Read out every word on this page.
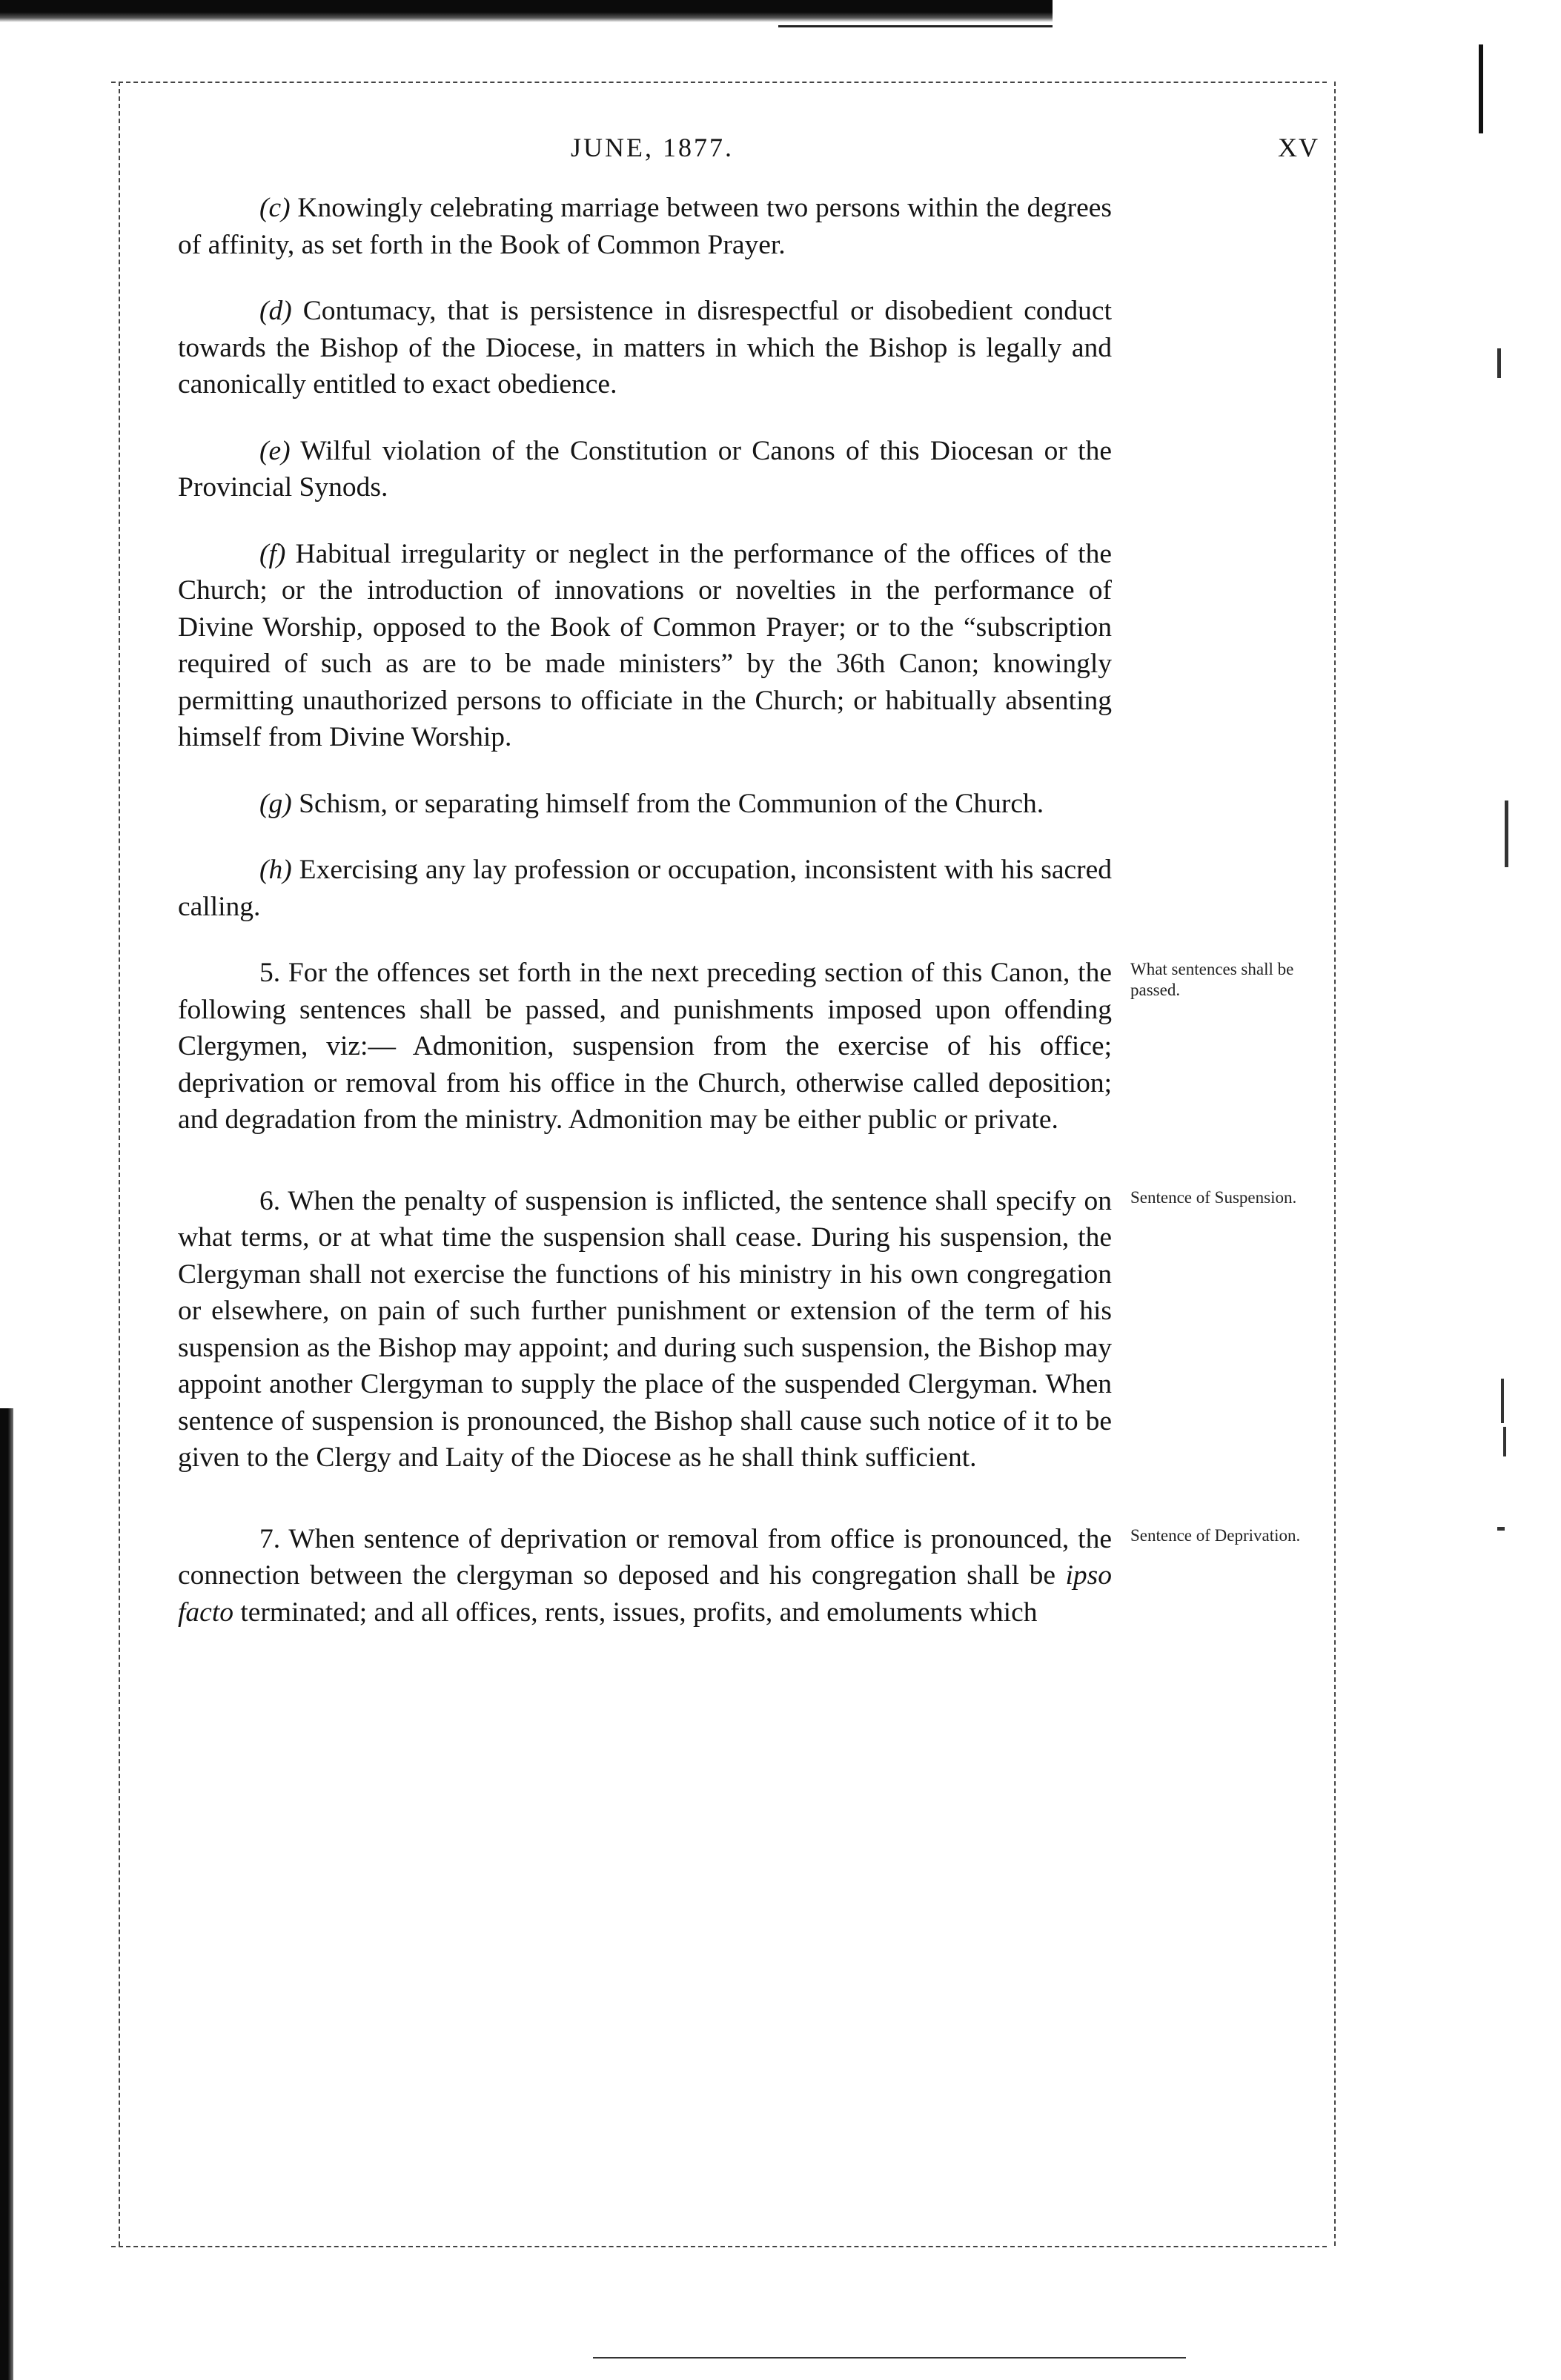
JUNE, 1877.	XV

(c) Knowingly celebrating marriage between two persons within the degrees of affinity, as set forth in the Book of Common Prayer.

(d) Contumacy, that is persistence in disrespectful or disobedient conduct towards the Bishop of the Diocese, in matters in which the Bishop is legally and canonically entitled to exact obedience.

(e) Wilful violation of the Constitution or Canons of this Diocesan or the Provincial Synods.

(f) Habitual irregularity or neglect in the performance of the offices of the Church; or the introduction of innovations or novelties in the performance of Divine Worship, opposed to the Book of Common Prayer; or to the “subscription required of such as are to be made ministers” by the 36th Canon; knowingly permitting unauthorized persons to officiate in the Church; or habitually absenting himself from Divine Worship.

(g) Schism, or separating himself from the Communion of the Church.

(h) Exercising any lay profession or occupation, inconsistent with his sacred calling.

5. For the offences set forth in the next preceding section of this Canon, the following sentences shall be passed, and punishments imposed upon offending Clergymen, viz:— Admonition, suspension from the exercise of his office; deprivation or removal from his office in the Church, otherwise called deposition; and degradation from the ministry. Admonition may be either public or private.

6. When the penalty of suspension is inflicted, the sentence shall specify on what terms, or at what time the suspension shall cease. During his suspension, the Clergyman shall not exercise the functions of his ministry in his own congregation or elsewhere, on pain of such further punishment or extension of the term of his suspension as the Bishop may appoint; and during such suspension, the Bishop may appoint another Clergyman to supply the place of the suspended Clergyman. When sentence of suspension is pronounced, the Bishop shall cause such notice of it to be given to the Clergy and Laity of the Diocese as he shall think sufficient.

7. When sentence of deprivation or removal from office is pronounced, the connection between the clergyman so deposed and his congregation shall be ipso facto terminated; and all offices, rents, issues, profits, and emoluments which

What sentences shall be passed.
Sentence of Suspension.
Sentence of Deprivation.
